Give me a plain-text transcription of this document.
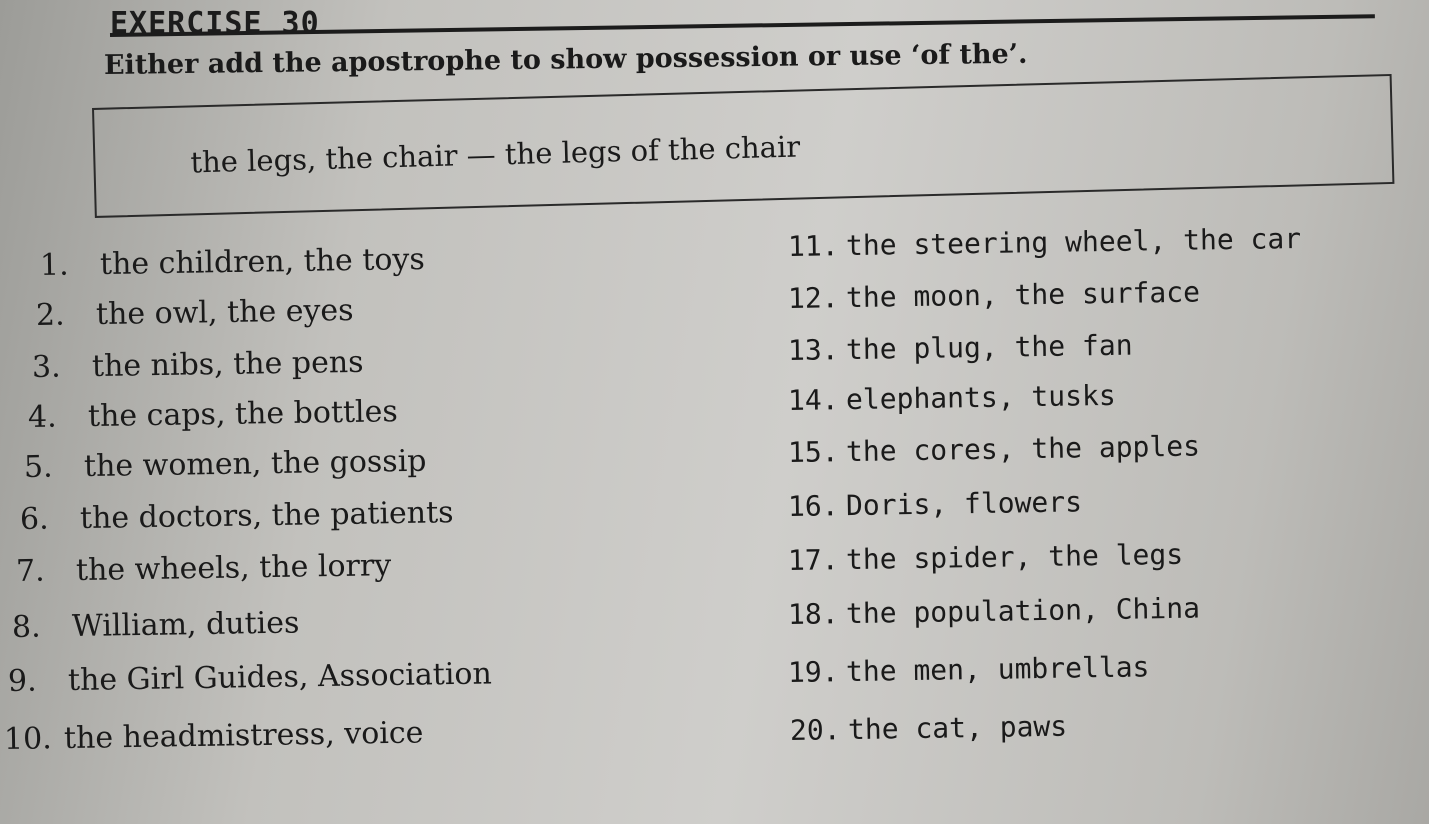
EXERCISE 30
Either add the apostrophe to show possession or use ‘of the’.
the legs, the chair — the legs of the chair
1. the children, the toys
2. the owl, the eyes
3. the nibs, the pens
4. the caps, the bottles
5. the women, the gossip
6. the doctors, the patients
7. the wheels, the lorry
8. William, duties
9. the Girl Guides, Association
10. the headmistress, voice
11. the steering wheel, the car
12. the moon, the surface
13. the plug, the fan
14. elephants, tusks
15. the cores, the apples
16. Doris, flowers
17. the spider, the legs
18. the population, China
19. the men, umbrellas
20. the cat, paws
